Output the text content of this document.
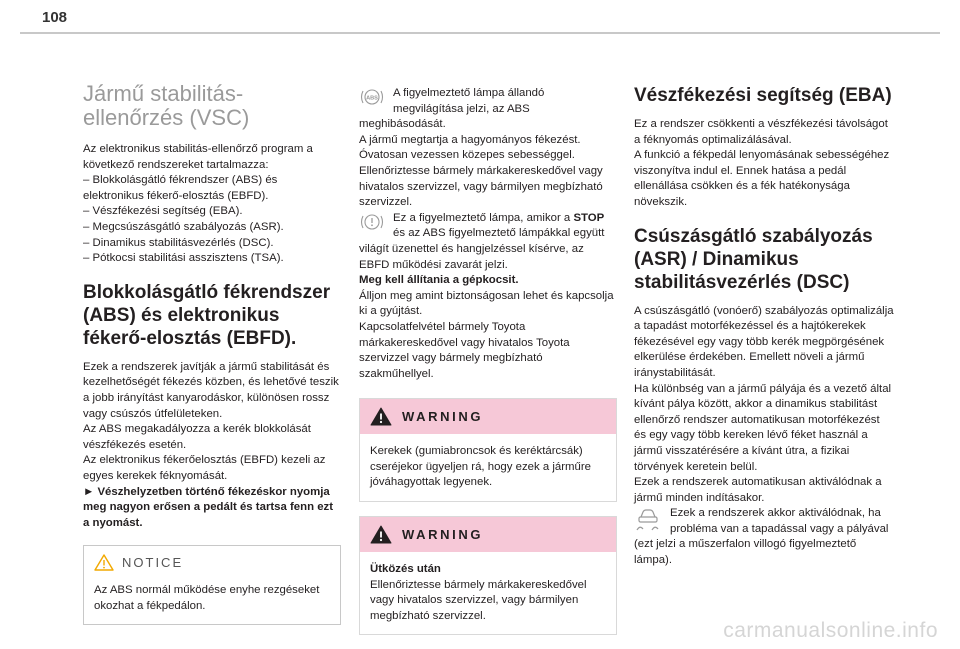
108
Jármű stabilitás-ellenőrzés (VSC)

Az elektronikus stabilitás-ellenőrző program a következő rendszereket tartalmazza:

– Blokkolásgátló fékrendszer (ABS) és elektronikus fékerő-elosztás (EBFD).

– Vészfékezési segítség (EBA).

– Megcsúszásgátló szabályozás (ASR).

– Dinamikus stabilitásvezérlés (DSC).

– Pótkocsi stabilitási asszisztens (TSA).

Blokkolásgátló fékrendszer (ABS) és elektronikus fékerő-elosztás (EBFD).

Ezek a rendszerek javítják a jármű stabilitását és kezelhetőségét fékezés közben, és lehetővé teszik a jobb irányítást kanyarodáskor, különösen rossz vagy csúszós útfelületeken.

Az ABS megakadályozza a kerék blokkolását vészfékezés esetén.

Az elektronikus fékerőelosztás (EBFD) kezeli az egyes kerekek féknyomását.

► Vészhelyzetben történő fékezéskor nyomja meg nagyon erősen a pedált és tartsa fenn ezt a nyomást.

NOTICE
Az ABS normál működése enyhe rezgéseket okozhat a fékpedálon.

ABS A figyelmeztető lámpa állandó megvilágítása jelzi, az ABS meghibásodását.

A jármű megtartja a hagyományos fékezést.

Óvatosan vezessen közepes sebességgel.

Ellenőriztesse bármely márkakereskedővel vagy hivatalos szervizzel, vagy bármilyen megbízható szervizzel.

Ez a figyelmeztető lámpa, amikor a STOP és az ABS figyelmeztető lámpákkal együtt világít üzenettel és hangjelzéssel kísérve, az EBFD működési zavarát jelzi.

Meg kell állítania a gépkocsit.

Álljon meg amint biztonságosan lehet és kapcsolja ki a gyújtást.

Kapcsolatfelvétel bármely Toyota márkakereskedővel vagy hivatalos Toyota szervizzel vagy bármely megbízható szakműhellyel.

WARNING
Kerekek (gumiabroncsok és keréktárcsák) cseréjekor ügyeljen rá, hogy ezek a járműre jóváhagyottak legyenek.
WARNING

Ütközés után

Ellenőriztesse bármely márkakereskedővel vagy hivatalos szervizzel, vagy bármilyen megbízható szervizzel.

Vészfékezési segítség (EBA)

Ez a rendszer csökkenti a vészfékezési távolságot a féknyomás optimalizálásával.

A funkció a fékpedál lenyomásának sebességéhez viszonyítva indul el. Ennek hatása a pedál ellenállása csökken és a fék hatékonysága növekszik.

Csúszásgátló szabályozás (ASR) / Dinamikus stabilitásvezérlés (DSC)

A csúszásgátló (vonóerő) szabályozás optimalizálja a tapadást motorfékezéssel és a hajtókerekek fékezésével egy vagy több kerék megpörgésének elkerülése érdekében. Emellett növeli a jármű iránystabilitását.

Ha különbség van a jármű pályája és a vezető által kívánt pálya között, akkor a dinamikus stabilitást ellenőrző rendszer automatikusan motorfékezést és egy vagy több kereken lévő féket használ a jármű visszatérésére a kívánt útra, a fizikai törvények keretein belül.

Ezek a rendszerek automatikusan aktiválódnak a jármű minden indításakor.

Ezek a rendszerek akkor aktiválódnak, ha probléma van a tapadással vagy a pályával (ezt jelzi a műszerfalon villogó figyelmeztető lámpa).

carmanualsonline.info
